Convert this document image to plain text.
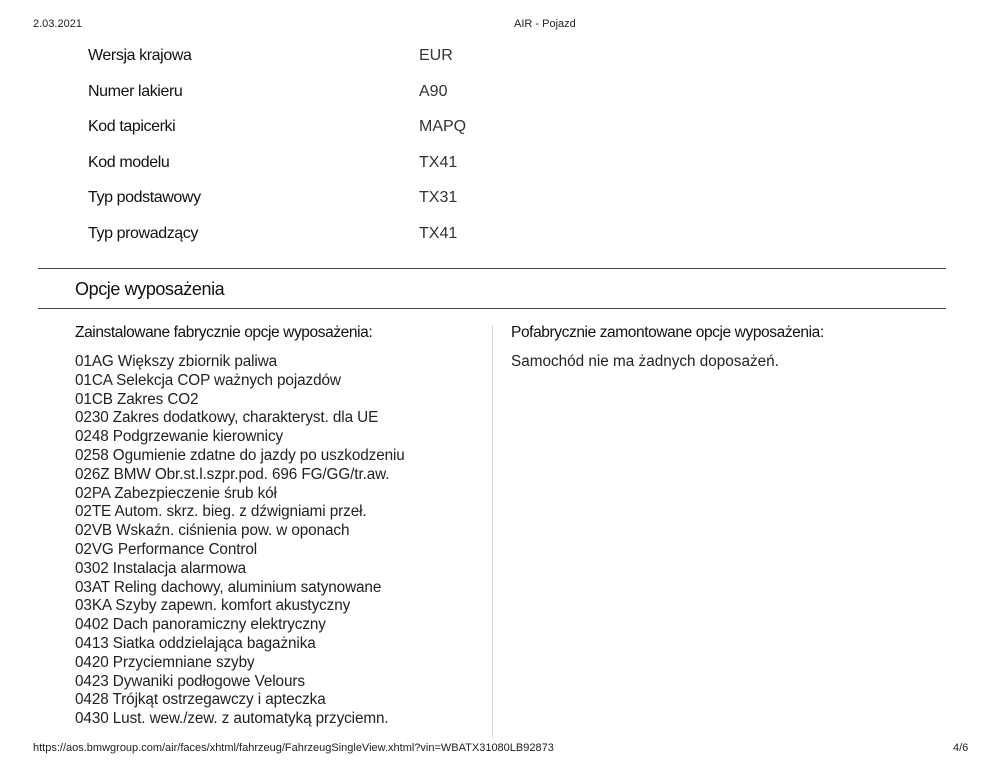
2.03.2021	AIR - Pojazd
Wersja krajowa	EUR
Numer lakieru	A90
Kod tapicerki	MAPQ
Kod modelu	TX41
Typ podstawowy	TX31
Typ prowadzący	TX41
Opcje wyposażenia
Zainstalowane fabrycznie opcje wyposażenia:
01AG Większy zbiornik paliwa
01CA Selekcja COP ważnych pojazdów
01CB Zakres CO2
0230 Zakres dodatkowy, charakteryst. dla UE
0248 Podgrzewanie kierownicy
0258 Ogumienie zdatne do jazdy po uszkodzeniu
026Z BMW Obr.st.l.szpr.pod. 696 FG/GG/tr.aw.
02PA Zabezpieczenie śrub kół
02TE Autom. skrz. bieg. z dźwigniami przeł.
02VB Wskaźn. ciśnienia pow. w oponach
02VG Performance Control
0302 Instalacja alarmowa
03AT Reling dachowy, aluminium satynowane
03KA Szyby zapewn. komfort akustyczny
0402 Dach panoramiczny elektryczny
0413 Siatka oddzielająca bagażnika
0420 Przyciemniane szyby
0423 Dywaniki podłogowe Velours
0428 Trójkąt ostrzegawczy i apteczka
0430 Lust. wew./zew. z automatyką przyciemn.
Pofabrycznie zamontowane opcje wyposażenia:
Samochód nie ma żadnych doposażeń.
https://aos.bmwgroup.com/air/faces/xhtml/fahrzeug/FahrzeugSingleView.xhtml?vin=WBATX31080LB92873	4/6
